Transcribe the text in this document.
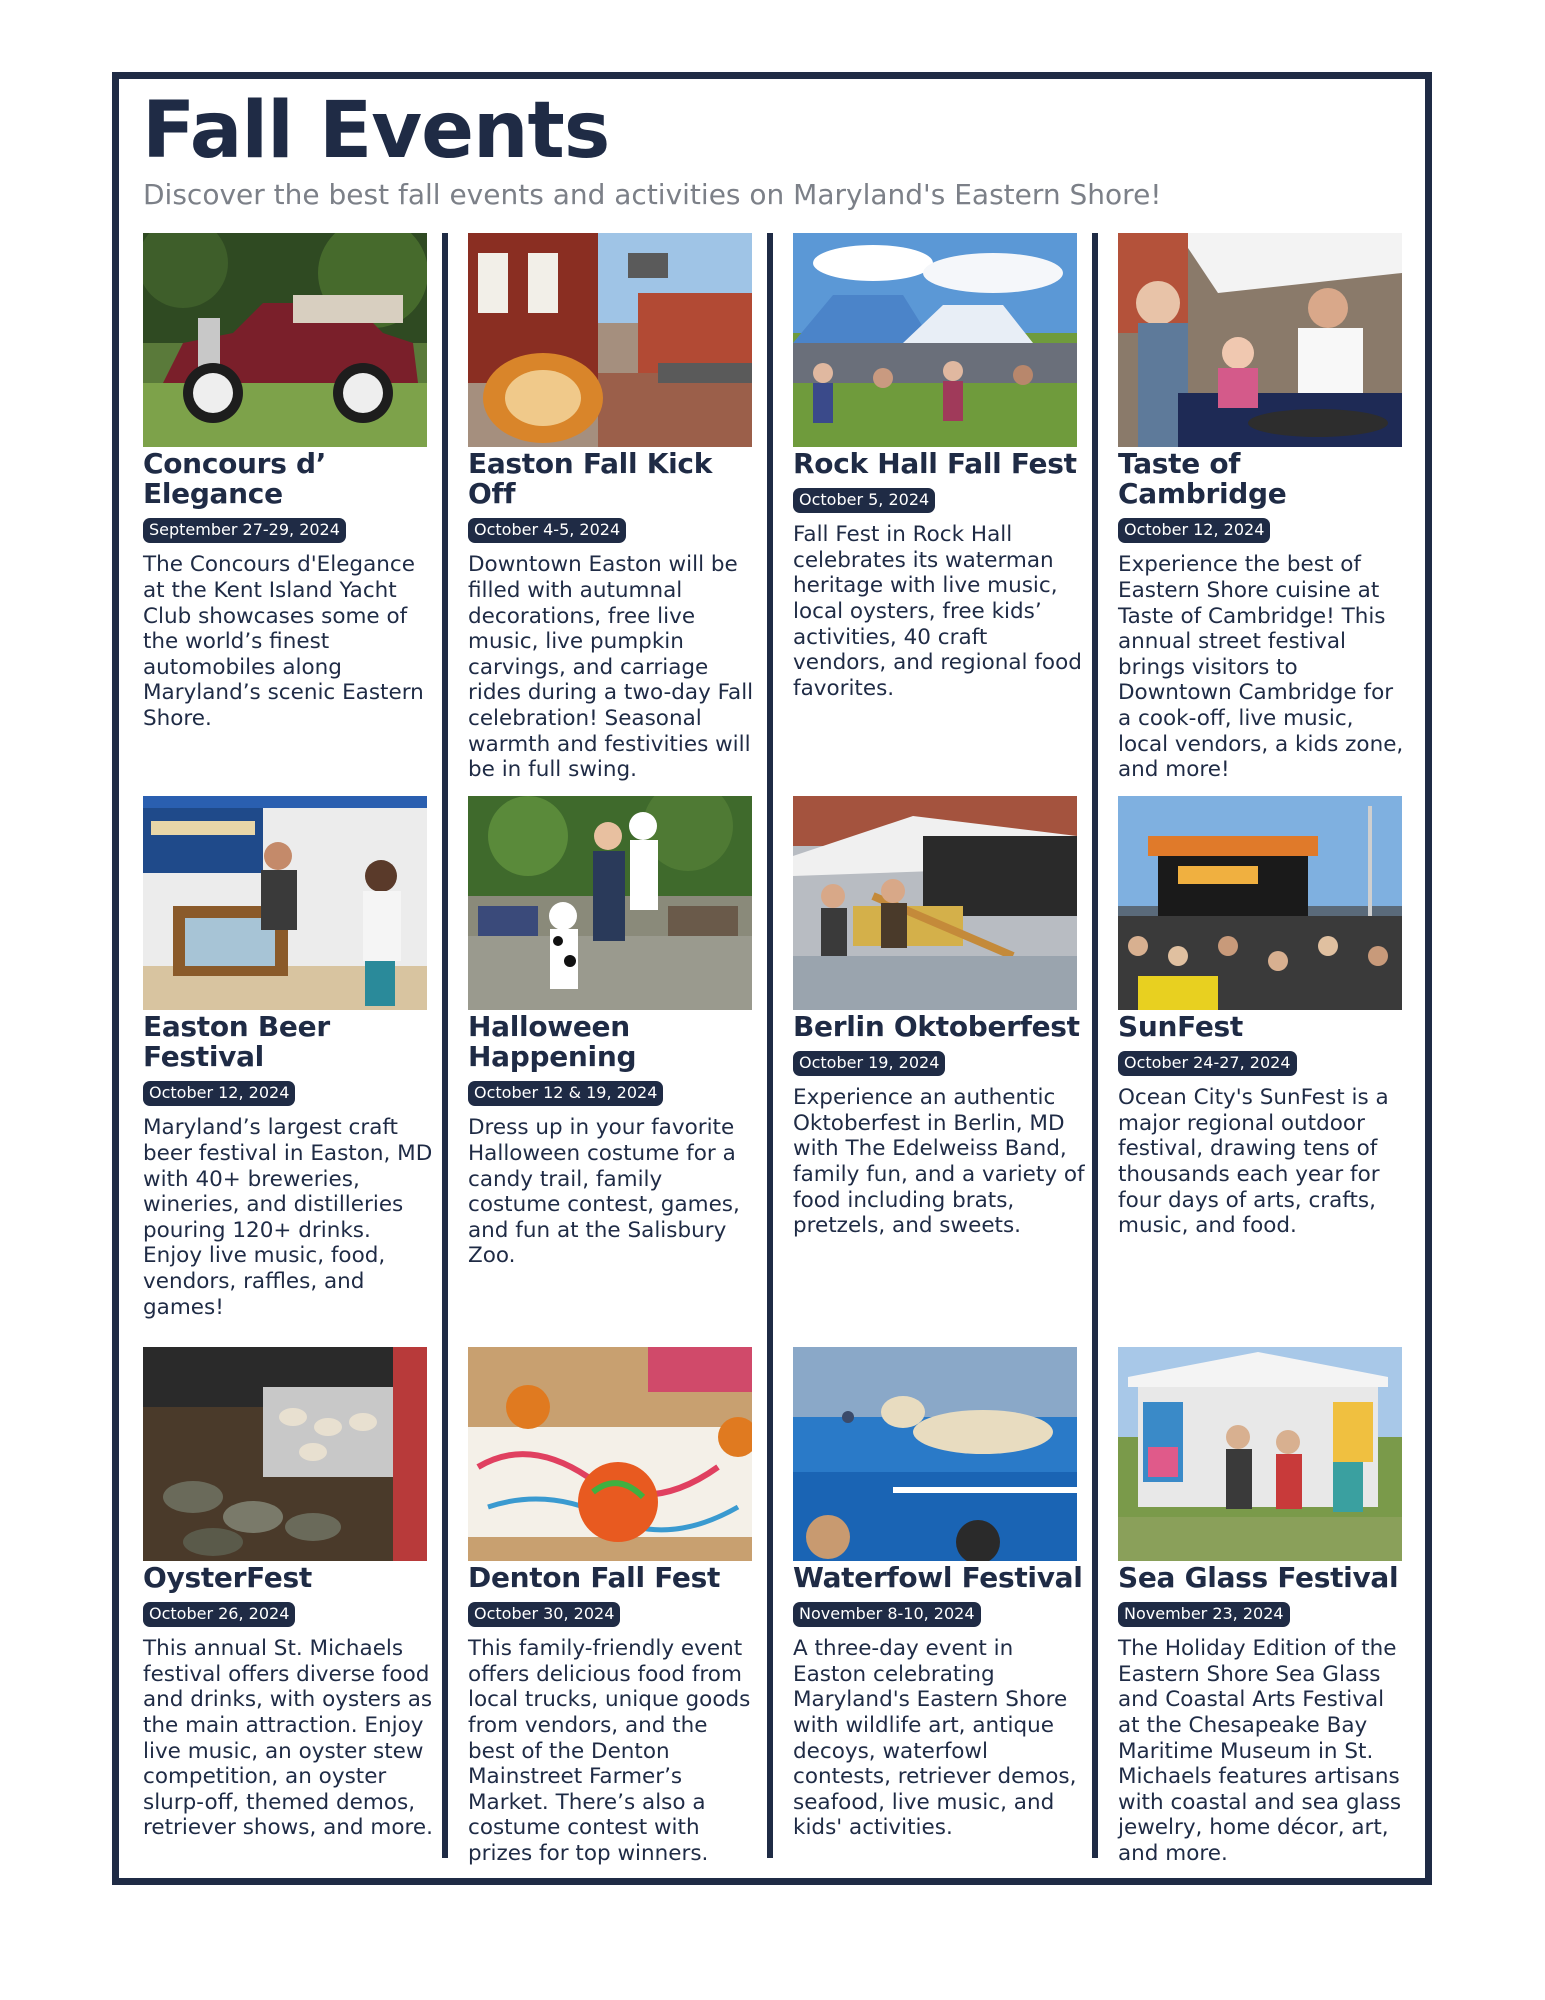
Fall Events

Discover the best fall events and activities on Maryland's Eastern Shore!

Concours d’ Elegance
September 27-29, 2024

The Concours d'Elegance at the Kent Island Yacht Club showcases some of the world’s finest automobiles along Maryland’s scenic Eastern Shore.

Easton Fall Kick Off
October 4-5, 2024

Downtown Easton will be filled with autumnal decorations, free live music, live pumpkin carvings, and carriage rides during a two-day Fall celebration! Seasonal warmth and festivities will be in full swing.

Rock Hall Fall Fest
October 5, 2024

Fall Fest in Rock Hall celebrates its waterman heritage with live music, local oysters, free kids’ activities, 40 craft vendors, and regional food favorites.

Taste of Cambridge
October 12, 2024

Experience the best of Eastern Shore cuisine at Taste of Cambridge! This annual street festival brings visitors to Downtown Cambridge for a cook-off, live music, local vendors, a kids zone, and more!

Easton Beer Festival
October 12, 2024

Maryland’s largest craft beer festival in Easton, MD with 40+ breweries, wineries, and distilleries pouring 120+ drinks. Enjoy live music, food, vendors, raffles, and games!

Halloween Happening
October 12 & 19, 2024

Dress up in your favorite Halloween costume for a candy trail, family costume contest, games, and fun at the Salisbury Zoo.

Berlin Oktoberfest
October 19, 2024

Experience an authentic Oktoberfest in Berlin, MD with The Edelweiss Band, family fun, and a variety of food including brats, pretzels, and sweets.

SunFest
October 24-27, 2024

Ocean City's SunFest is a major regional outdoor festival, drawing tens of thousands each year for four days of arts, crafts, music, and food.

OysterFest
October 26, 2024

This annual St. Michaels festival offers diverse food and drinks, with oysters as the main attraction. Enjoy live music, an oyster stew competition, an oyster slurp-off, themed demos, retriever shows, and more.

Denton Fall Fest
October 30, 2024

This family-friendly event offers delicious food from local trucks, unique goods from vendors, and the best of the Denton Mainstreet Farmer’s Market. There’s also a costume contest with prizes for top winners.

Waterfowl Festival
November 8-10, 2024

A three-day event in Easton celebrating Maryland's Eastern Shore with wildlife art, antique decoys, waterfowl contests, retriever demos, seafood, live music, and kids' activities.

Sea Glass Festival
November 23, 2024

The Holiday Edition of the Eastern Shore Sea Glass and Coastal Arts Festival at the Chesapeake Bay Maritime Museum in St. Michaels features artisans with coastal and sea glass jewelry, home décor, art, and more.
